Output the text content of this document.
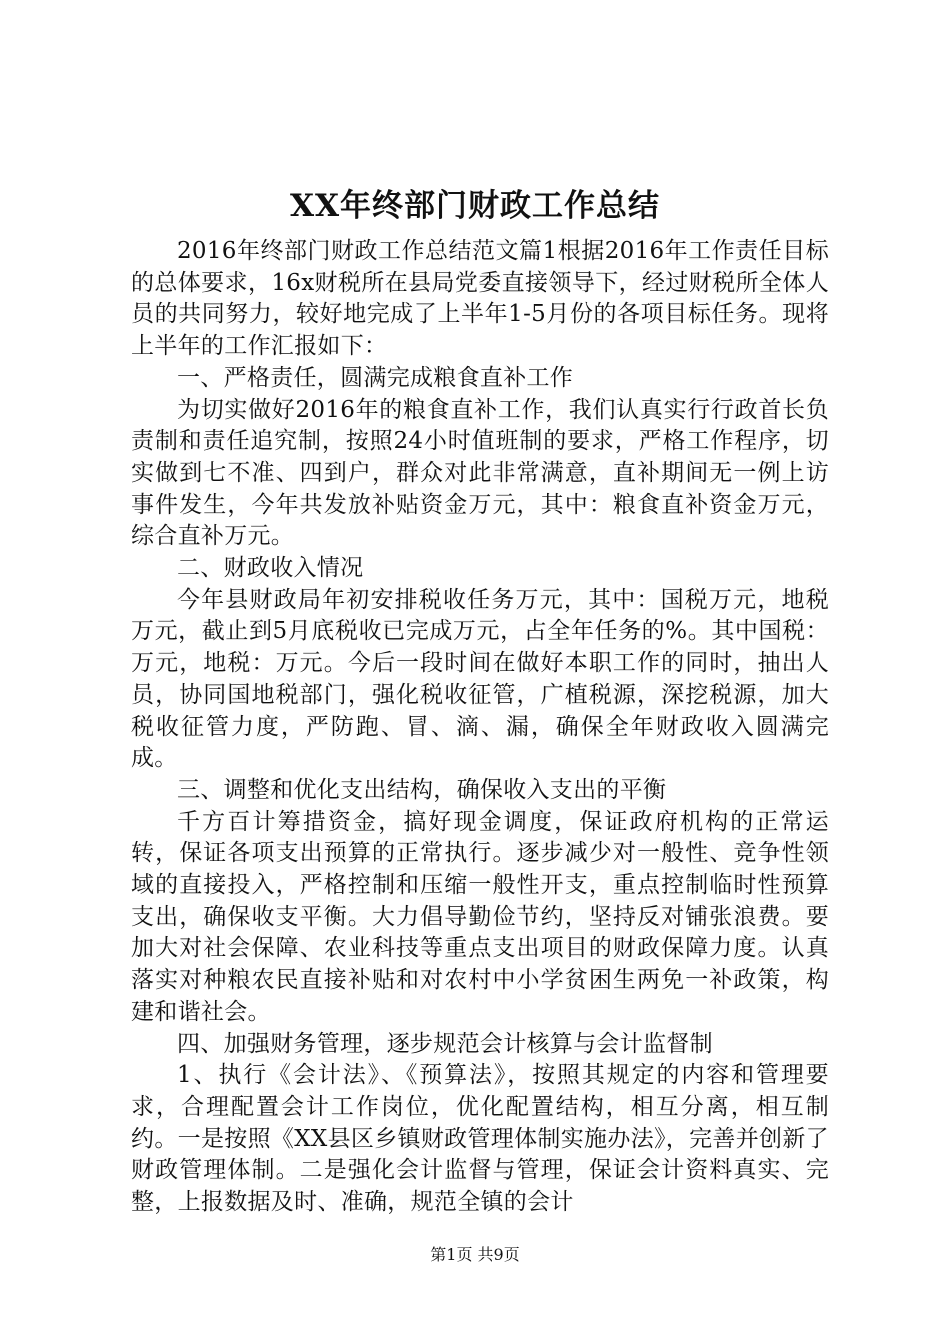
XX年终部门财政工作总结

2016年终部门财政工作总结范文篇1根据2016年工作责任目标的总体要求，16x财税所在县局党委直接领导下，经过财税所全体人员的共同努力，较好地完成了上半年1-5月份的各项目标任务。现将上半年的工作汇报如下：

一、严格责任，圆满完成粮食直补工作

为切实做好2016年的粮食直补工作，我们认真实行行政首长负责制和责任追究制，按照24小时值班制的要求，严格工作程序，切实做到七不准、四到户，群众对此非常满意，直补期间无一例上访事件发生，今年共发放补贴资金万元，其中：粮食直补资金万元，综合直补万元。

二、财政收入情况

今年县财政局年初安排税收任务万元，其中：国税万元，地税万元，截止到5月底税收已完成万元，占全年任务的%。其中国税：万元，地税：万元。今后一段时间在做好本职工作的同时，抽出人员，协同国地税部门，强化税收征管，广植税源，深挖税源，加大税收征管力度，严防跑、冒、滴、漏，确保全年财政收入圆满完成。

三、调整和优化支出结构，确保收入支出的平衡

千方百计筹措资金，搞好现金调度，保证政府机构的正常运转，保证各项支出预算的正常执行。逐步减少对一般性、竞争性领域的直接投入，严格控制和压缩一般性开支，重点控制临时性预算支出，确保收支平衡。大力倡导勤俭节约，坚持反对铺张浪费。要加大对社会保障、农业科技等重点支出项目的财政保障力度。认真落实对种粮农民直接补贴和对农村中小学贫困生两免一补政策，构建和谐社会。

四、加强财务管理，逐步规范会计核算与会计监督制

1、执行《会计法》、《预算法》，按照其规定的内容和管理要求，合理配置会计工作岗位，优化配置结构，相互分离，相互制约。一是按照《XX县区乡镇财政管理体制实施办法》，完善并创新了财政管理体制。二是强化会计监督与管理，保证会计资料真实、完整，上报数据及时、准确，规范全镇的会计

第1页 共9页
